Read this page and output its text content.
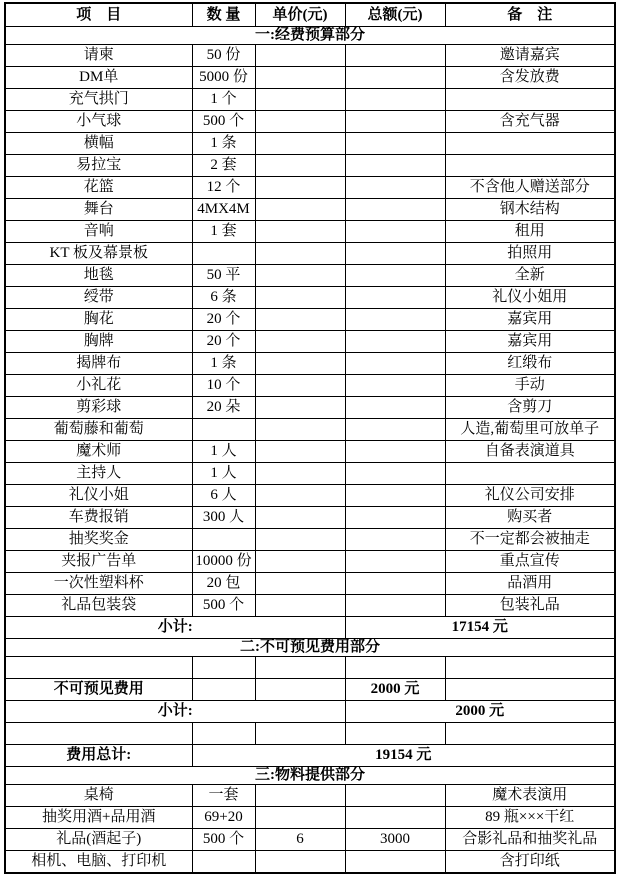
项　目	数 量	单价(元)	总额(元)	备　注
一:经费预算部分				
请柬	50 份			邀请嘉宾
DM单	5000 份			含发放费
充气拱门	1 个			
小气球	500 个			含充气器
横幅	1 条			
易拉宝	2 套			
花篮	12 个			不含他人赠送部分
舞台	4MX4M			钢木结构
音响	1 套			租用
KT 板及幕景板				拍照用
地毯	50 平			全新
绶带	6 条			礼仪小姐用
胸花	20 个			嘉宾用
胸牌	20 个			嘉宾用
揭牌布	1 条			红缎布
小礼花	10 个			手动
剪彩球	20 朵			含剪刀
葡萄藤和葡萄				人造,葡萄里可放单子
魔术师	1 人			自备表演道具
主持人	1 人			
礼仪小姐	6 人			礼仪公司安排
车费报销	300 人			购买者
抽奖奖金				不一定都会被抽走
夹报广告单	10000 份			重点宣传
一次性塑料杯	20 包			品酒用
礼品包装袋	500 个			包装礼品
小计:			17154 元	
二:不可预见费用部分				

不可预见费用			2000 元	
小计:			2000 元	

费用总计:	19154 元			
三:物料提供部分				
桌椅	一套			魔术表演用
抽奖用酒+品用酒	69+20			89 瓶×××干红
礼品(酒起子)	500 个	6	3000	合影礼品和抽奖礼品
相机、电脑、打印机				含打印纸
